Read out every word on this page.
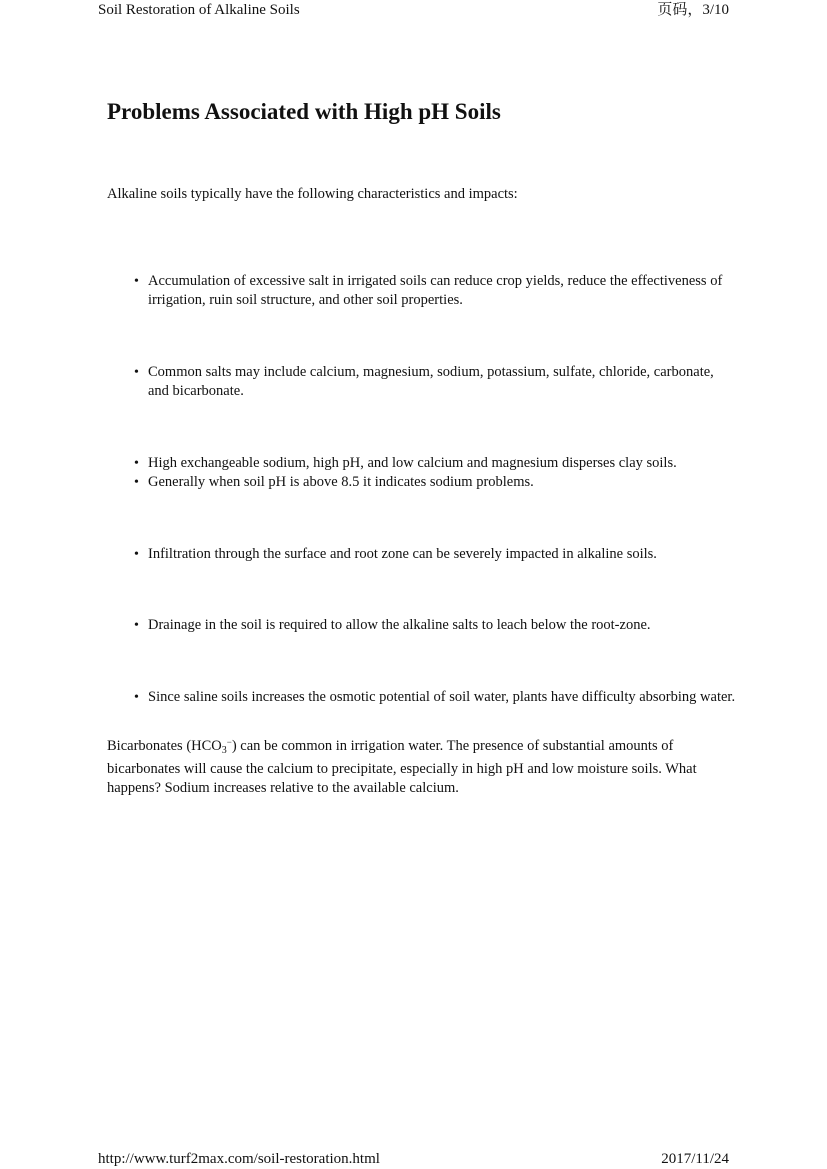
Soil Restoration of Alkaline Soils	页码，3/10
Problems Associated with High pH Soils

Alkaline soils typically have the following characteristics and impacts:

• Accumulation of excessive salt in irrigated soils can reduce crop yields, reduce the effectiveness of irrigation, ruin soil structure, and other soil properties.
• Common salts may include calcium, magnesium, sodium, potassium, sulfate, chloride, carbonate, and bicarbonate.
• High exchangeable sodium, high pH, and low calcium and magnesium disperses clay soils.
• Generally when soil pH is above 8.5 it indicates sodium problems.
• Infiltration through the surface and root zone can be severely impacted in alkaline soils.
• Drainage in the soil is required to allow the alkaline salts to leach below the root-zone.
• Since saline soils increases the osmotic potential of soil water, plants have difficulty absorbing water.

Bicarbonates $(HCO_3^-)$ can be common in irrigation water. The presence of substantial amounts of bicarbonates will cause the calcium to precipitate, especially in high pH and low moisture soils. What happens? Sodium increases relative to the available calcium.

http://www.turf2max.com/soil-restoration.html	2017/11/24
